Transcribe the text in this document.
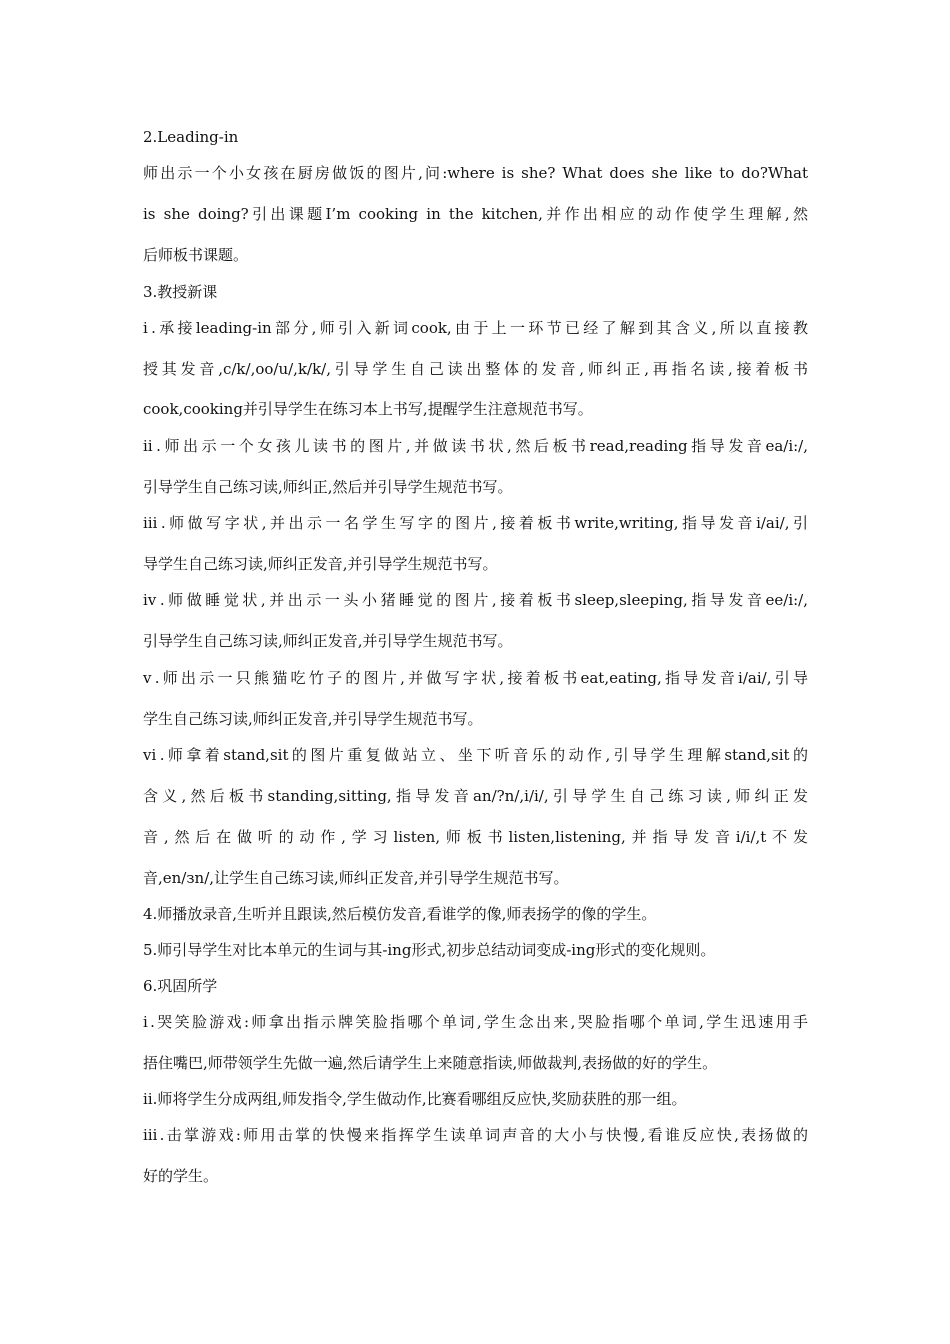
2.Leading-in
师出示一个小女孩在厨房做饭的图片,问:where is she? What does she like to do?What
is she doing?引出课题I’m cooking in the kitchen,并作出相应的动作使学生理解,然
后师板书课题。
3.教授新课
ⅰ.承接leading-in部分,师引入新词cook,由于上一环节已经了解到其含义,所以直接教
授其发音,c/k/,oo/u/,k/k/,引导学生自己读出整体的发音,师纠正,再指名读,接着板书
cook,cooking并引导学生在练习本上书写,提醒学生注意规范书写。
ⅱ.师出示一个女孩儿读书的图片,并做读书状,然后板书read,reading指导发音ea/i:/,
引导学生自己练习读,师纠正,然后并引导学生规范书写。
ⅲ.师做写字状,并出示一名学生写字的图片,接着板书write,writing,指导发音i/ai/,引
导学生自己练习读,师纠正发音,并引导学生规范书写。
ⅳ.师做睡觉状,并出示一头小猪睡觉的图片,接着板书sleep,sleeping,指导发音ee/i:/,
引导学生自己练习读,师纠正发音,并引导学生规范书写。
ⅴ.师出示一只熊猫吃竹子的图片,并做写字状,接着板书eat,eating,指导发音i/ai/,引导
学生自己练习读,师纠正发音,并引导学生规范书写。
ⅵ.师拿着stand,sit的图片重复做站立、坐下听音乐的动作,引导学生理解stand,sit的
含义,然后板书standing,sitting,指导发音an/?n/,i/i/,引导学生自己练习读,师纠正发
音,然后在做听的动作,学习listen,师板书listen,listening,并指导发音i/i/,t不发
音,en/зn/,让学生自己练习读,师纠正发音,并引导学生规范书写。
4.师播放录音,生听并且跟读,然后模仿发音,看谁学的像,师表扬学的像的学生。
5.师引导学生对比本单元的生词与其-ing形式,初步总结动词变成-ing形式的变化规则。
6.巩固所学
ⅰ.哭笑脸游戏:师拿出指示牌笑脸指哪个单词,学生念出来,哭脸指哪个单词,学生迅速用手
捂住嘴巴,师带领学生先做一遍,然后请学生上来随意指读,师做裁判,表扬做的好的学生。
ⅱ.师将学生分成两组,师发指令,学生做动作,比赛看哪组反应快,奖励获胜的那一组。
ⅲ.击掌游戏:师用击掌的快慢来指挥学生读单词声音的大小与快慢,看谁反应快,表扬做的
好的学生。
